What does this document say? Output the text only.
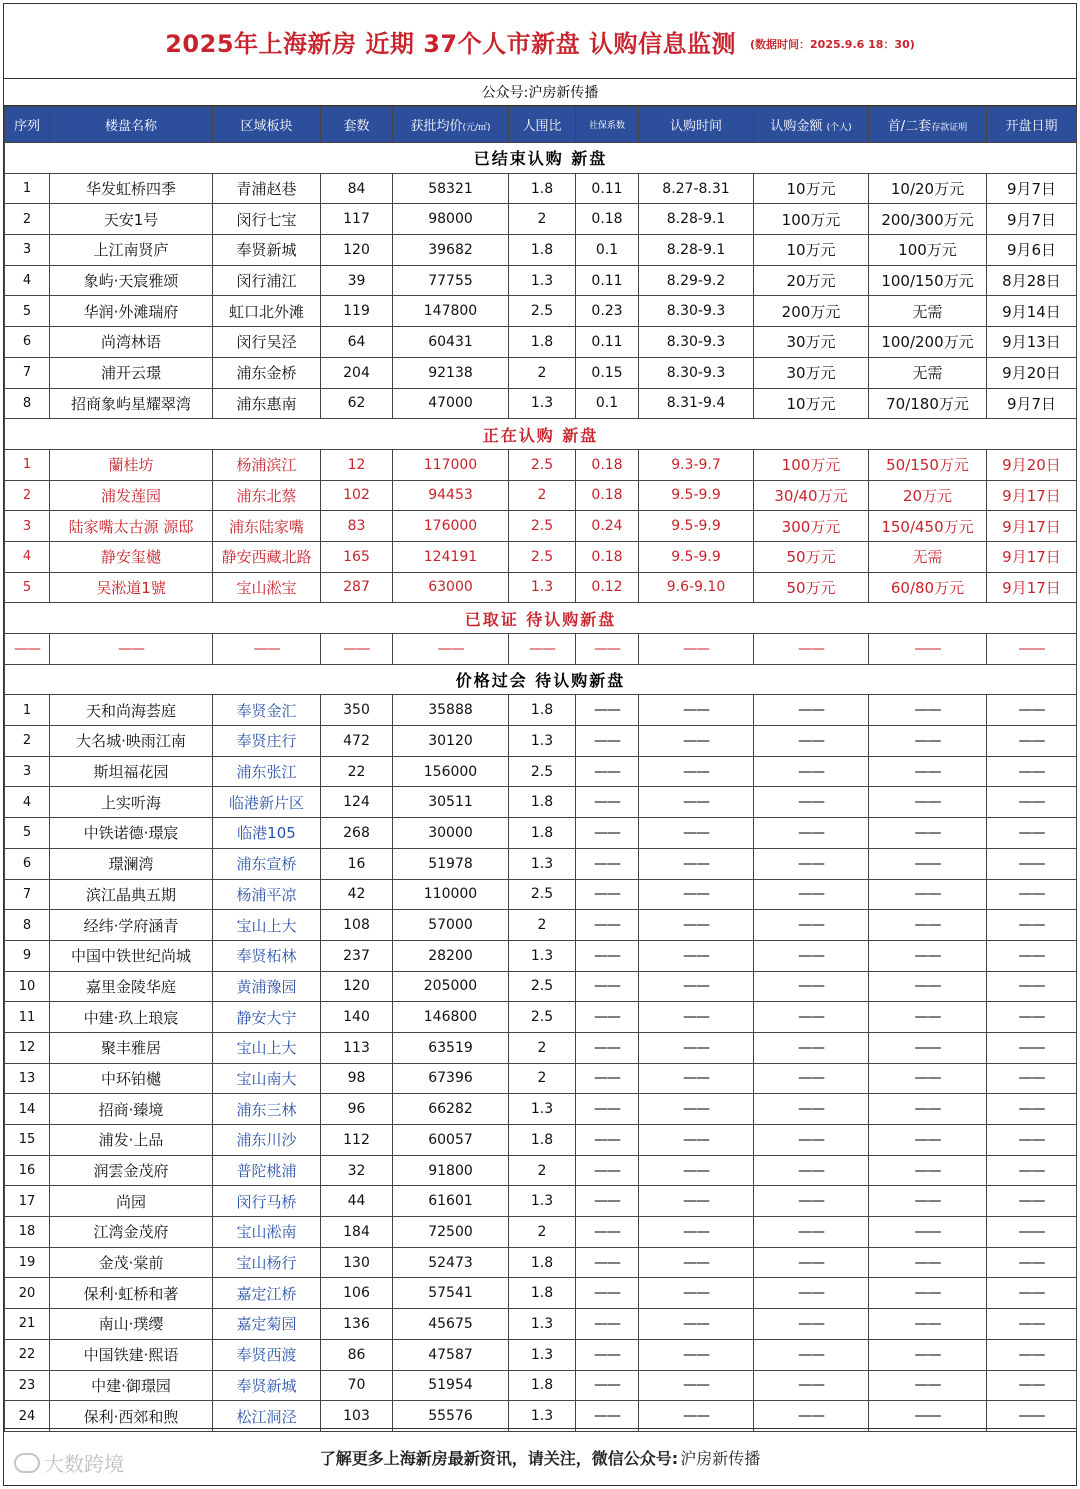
2025年上海新房 近期 37个人市新盘 认购信息监测 (数据时间：2025.9.6 18：30)
公众号:沪房新传播
序列	楼盘名称	区域板块	套数	获批均价(元/㎡)	人围比	社保系数	认购时间	认购金额 (个人)	首/二套存款证明	开盘日期
已结束认购 新盘										
1	华发虹桥四季	青浦赵巷	84	58321	1.8	0.11	8.27-8.31	10万元	10/20万元	9月7日
2	天安1号	闵行七宝	117	98000	2	0.18	8.28-9.1	100万元	200/300万元	9月7日
3	上江南贤庐	奉贤新城	120	39682	1.8	0.1	8.28-9.1	10万元	100万元	9月6日
4	象屿·天宸雅颂	闵行浦江	39	77755	1.3	0.11	8.29-9.2	20万元	100/150万元	8月28日
5	华润·外滩瑞府	虹口北外滩	119	147800	2.5	0.23	8.30-9.3	200万元	无需	9月14日
6	尚湾林语	闵行吴泾	64	60431	1.8	0.11	8.30-9.3	30万元	100/200万元	9月13日
7	浦开云璟	浦东金桥	204	92138	2	0.15	8.30-9.3	30万元	无需	9月20日
8	招商象屿星耀翠湾	浦东惠南	62	47000	1.3	0.1	8.31-9.4	10万元	70/180万元	9月7日
正在认购 新盘										
1	蘭桂坊	杨浦滨江	12	117000	2.5	0.18	9.3-9.7	100万元	50/150万元	9月20日
2	浦发莲园	浦东北蔡	102	94453	2	0.18	9.5-9.9	30/40万元	20万元	9月17日
3	陆家嘴太古源 源邸	浦东陆家嘴	83	176000	2.5	0.24	9.5-9.9	300万元	150/450万元	9月17日
4	静安玺樾	静安西藏北路	165	124191	2.5	0.18	9.5-9.9	50万元	无需	9月17日
5	吴淞道1號	宝山淞宝	287	63000	1.3	0.12	9.6-9.10	50万元	60/80万元	9月17日
已取证 待认购新盘										
——	——	——	——	——	——	——	——	——	——	——
价格过会 待认购新盘										
1	天和尚海荟庭	奉贤金汇	350	35888	1.8	——	——	——	——	——
2	大名城·映雨江南	奉贤庄行	472	30120	1.3	——	——	——	——	——
3	斯坦福花园	浦东张江	22	156000	2.5	——	——	——	——	——
4	上实听海	临港新片区	124	30511	1.8	——	——	——	——	——
5	中铁诺德·璟宸	临港105	268	30000	1.8	——	——	——	——	——
6	璟澜湾	浦东宣桥	16	51978	1.3	——	——	——	——	——
7	滨江晶典五期	杨浦平凉	42	110000	2.5	——	——	——	——	——
8	经纬·学府涵青	宝山上大	108	57000	2	——	——	——	——	——
9	中国中铁世纪尚城	奉贤柘林	237	28200	1.3	——	——	——	——	——
10	嘉里金陵华庭	黄浦豫园	120	205000	2.5	——	——	——	——	——
11	中建·玖上琅宸	静安大宁	140	146800	2.5	——	——	——	——	——
12	聚丰雅居	宝山上大	113	63519	2	——	——	——	——	——
13	中环铂樾	宝山南大	98	67396	2	——	——	——	——	——
14	招商·臻境	浦东三林	96	66282	1.3	——	——	——	——	——
15	浦发·上品	浦东川沙	112	60057	1.8	——	——	——	——	——
16	润雲金茂府	普陀桃浦	32	91800	2	——	——	——	——	——
17	尚园	闵行马桥	44	61601	1.3	——	——	——	——	——
18	江湾金茂府	宝山淞南	184	72500	2	——	——	——	——	——
19	金茂·棠前	宝山杨行	130	52473	1.8	——	——	——	——	——
20	保利·虹桥和著	嘉定江桥	106	57541	1.8	——	——	——	——	——
21	南山·璞缨	嘉定菊园	136	45675	1.3	——	——	——	——	——
22	中国铁建·熙语	奉贤西渡	86	47587	1.3	——	——	——	——	——
23	中建·御璟园	奉贤新城	70	51954	1.8	——	——	——	——	——
24	保利·西郊和煦	松江洞泾	103	55576	1.3	——	——	——	——	——
了解更多上海新房最新资讯，请关注，微信公众号: 沪房新传播
大数跨境
